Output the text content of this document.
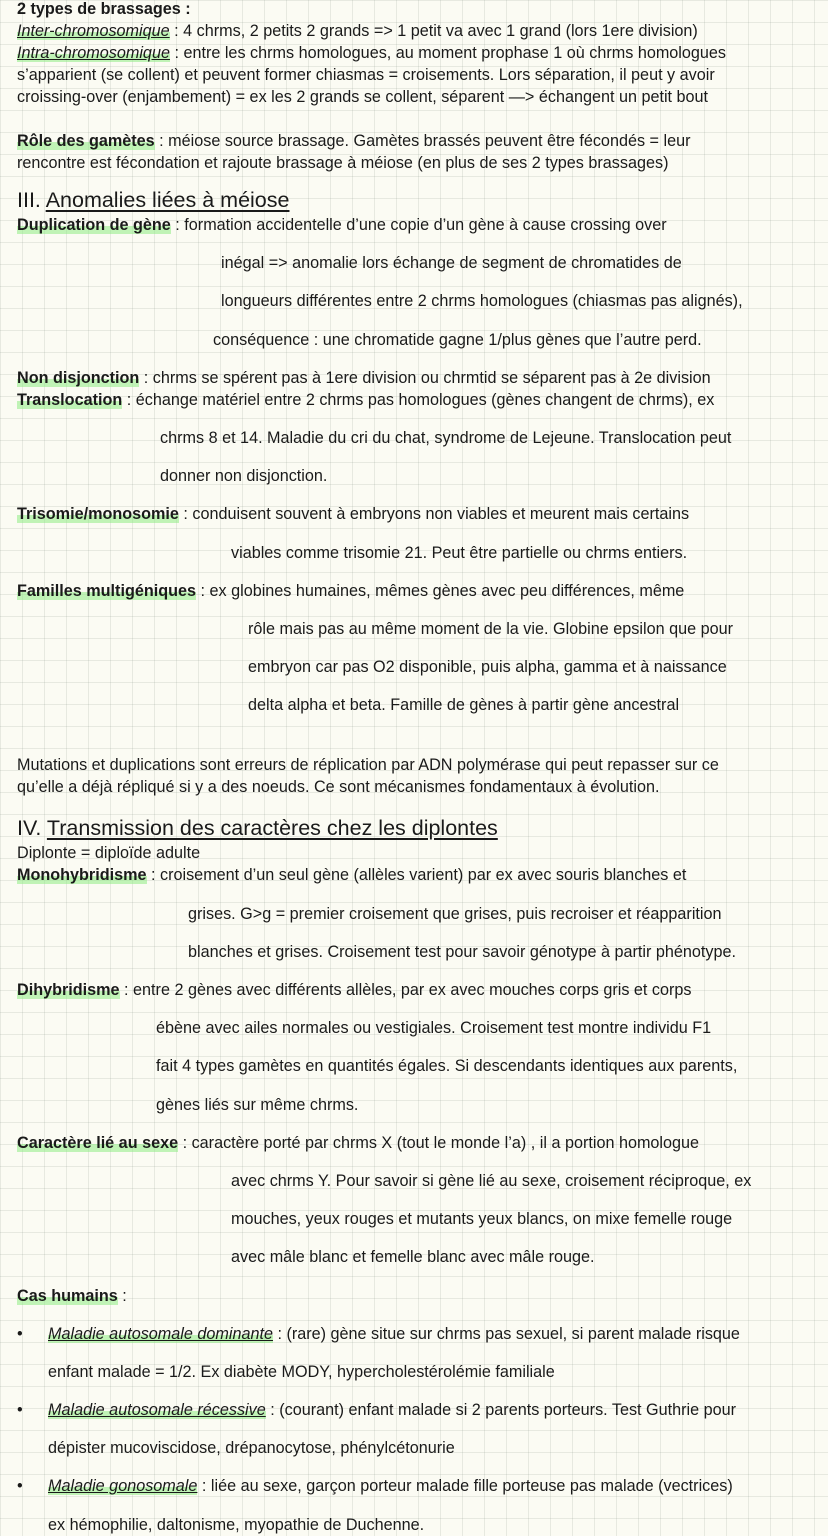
2 types de brassages :

Inter-chromosomique : 4 chrms, 2 petits 2 grands => 1 petit va avec 1 grand (lors 1ere division)

Intra-chromosomique : entre les chrms homologues, au moment prophase 1 où chrms homologues

s’apparient (se collent) et peuvent former chiasmas = croisements. Lors séparation, il peut y avoir

croissing-over (enjambement) = ex les 2 grands se collent, séparent —> échangent un petit bout

Rôle des gamètes : méiose source brassage. Gamètes brassés peuvent être fécondés = leur

rencontre est fécondation et rajoute brassage à méiose (en plus de ses 2 types brassages)

III. Anomalies liées à méiose

Duplication de gène : formation accidentelle d’une copie d’un gène à cause crossing over

inégal => anomalie lors échange de segment de chromatides de

longueurs différentes entre 2 chrms homologues (chiasmas pas alignés),

conséquence : une chromatide gagne 1/plus gènes que l’autre perd.

Non disjonction : chrms se spérent pas à 1ere division ou chrmtid se séparent pas à 2e division

Translocation : échange matériel entre 2 chrms pas homologues (gènes changent de chrms), ex

chrms 8 et 14. Maladie du cri du chat, syndrome de Lejeune. Translocation peut

donner non disjonction.

Trisomie/monosomie : conduisent souvent à embryons non viables et meurent mais certains

viables comme trisomie 21. Peut être partielle ou chrms entiers.

Familles multigéniques : ex globines humaines, mêmes gènes avec peu différences, même

rôle mais pas au même moment de la vie. Globine epsilon que pour

embryon car pas O2 disponible, puis alpha, gamma et à naissance

delta alpha et beta. Famille de gènes à partir gène ancestral

Mutations et duplications sont erreurs de réplication par ADN polymérase qui peut repasser sur ce

qu’elle a déjà répliqué si y a des noeuds. Ce sont mécanismes fondamentaux à évolution.

IV. Transmission des caractères chez les diplontes

Diplonte = diploïde adulte

Monohybridisme : croisement d’un seul gène (allèles varient) par ex avec souris blanches et

grises. G>g = premier croisement que grises, puis recroiser et réapparition

blanches et grises. Croisement test pour savoir génotype à partir phénotype.

Dihybridisme : entre 2 gènes avec différents allèles, par ex avec mouches corps gris et corps

ébène avec ailes normales ou vestigiales. Croisement test montre individu F1

fait 4 types gamètes en quantités égales. Si descendants identiques aux parents,

gènes liés sur même chrms.

Caractère lié au sexe : caractère porté par chrms X (tout le monde l’a) , il a portion homologue

avec chrms Y. Pour savoir si gène lié au sexe, croisement réciproque, ex

mouches, yeux rouges et mutants yeux blancs, on mixe femelle rouge

avec mâle blanc et femelle blanc avec mâle rouge.

Cas humains :

• Maladie autosomale dominante : (rare) gène situe sur chrms pas sexuel, si parent malade risque

enfant malade = 1/2. Ex diabète MODY, hypercholestérolémie familiale

• Maladie autosomale récessive : (courant) enfant malade si 2 parents porteurs. Test Guthrie pour

dépister mucoviscidose, drépanocytose, phénylcétonurie

• Maladie gonosomale : liée au sexe, garçon porteur malade fille porteuse pas malade (vectrices)

ex hémophilie, daltonisme, myopathie de Duchenne.
